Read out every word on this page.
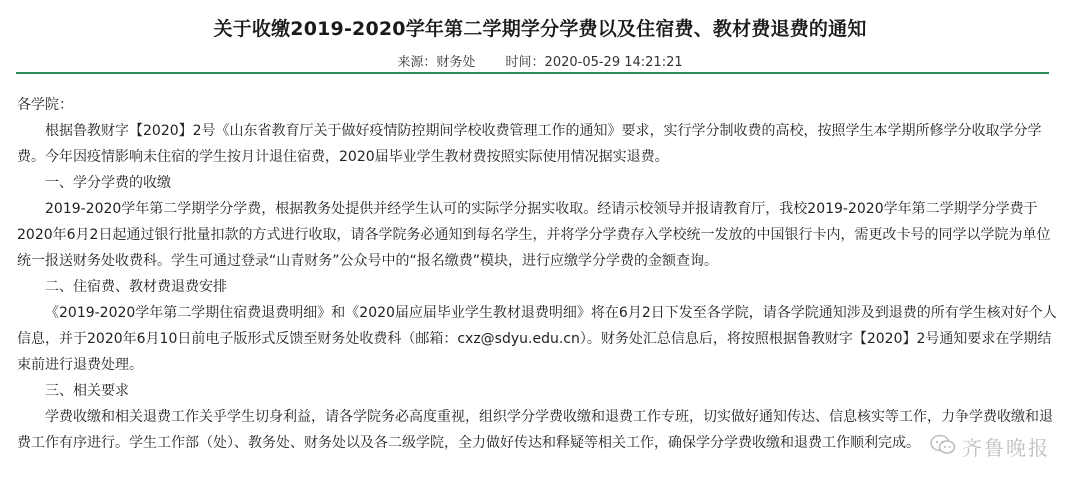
关于收缴2019-2020学年第二学期学分学费以及住宿费、教材费退费的通知
来源：财务处 时间：2020-05-29 14:21:21

各学院：

根据鲁教财字【2020】2号《山东省教育厅关于做好疫情防控期间学校收费管理工作的通知》要求，实行学分制收费的高校，按照学生本学期所修学分收取学分学费。今年因疫情影响未住宿的学生按月计退住宿费，2020届毕业学生教材费按照实际使用情况据实退费。

一、学分学费的收缴

2019-2020学年第二学期学分学费，根据教务处提供并经学生认可的实际学分据实收取。经请示校领导并报请教育厅，我校2019-2020学年第二学期学分学费于2020年6月2日起通过银行批量扣款的方式进行收取，请各学院务必通知到每名学生，并将学分学费存入学校统一发放的中国银行卡内，需更改卡号的同学以学院为单位统一报送财务处收费科。学生可通过登录“山青财务”公众号中的“报名缴费”模块，进行应缴学分学费的金额查询。

二、住宿费、教材费退费安排

《2019-2020学年第二学期住宿费退费明细》和《2020届应届毕业学生教材退费明细》将在6月2日下发至各学院，请各学院通知涉及到退费的所有学生核对好个人信息，并于2020年6月10日前电子版形式反馈至财务处收费科（邮箱：cxz@sdyu.edu.cn）。财务处汇总信息后，将按照根据鲁教财字【2020】2号通知要求在学期结束前进行退费处理。

三、相关要求

学费收缴和相关退费工作关乎学生切身利益，请各学院务必高度重视，组织学分学费收缴和退费工作专班，切实做好通知传达、信息核实等工作，力争学费收缴和退费工作有序进行。学生工作部（处）、教务处、财务处以及各二级学院，全力做好传达和释疑等相关工作，确保学分学费收缴和退费工作顺利完成。	齐鲁晚报
